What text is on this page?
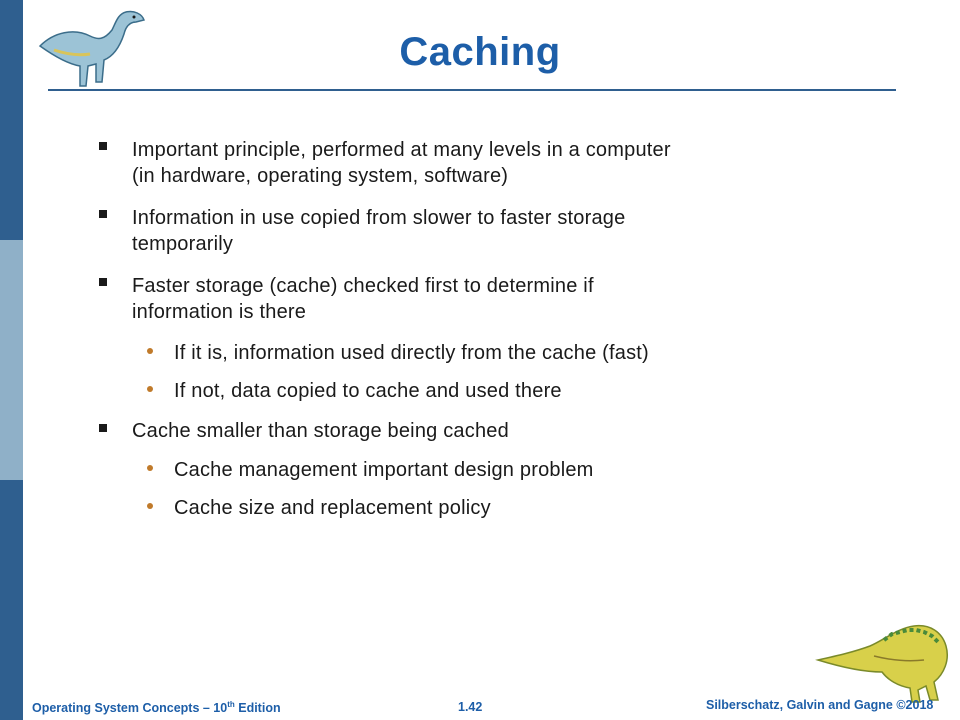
Caching
Important principle, performed at many levels in a computer
(in hardware, operating system, software)
Information in use copied from slower to faster storage
temporarily
Faster storage (cache) checked first to determine if
information is there
If it is, information used directly from the cache (fast)
If not, data copied to cache and used there
Cache smaller than storage being cached
Cache management important design problem
Cache size and replacement policy
Operating System Concepts – 10th Edition	1.42	Silberschatz, Galvin and Gagne ©2018
